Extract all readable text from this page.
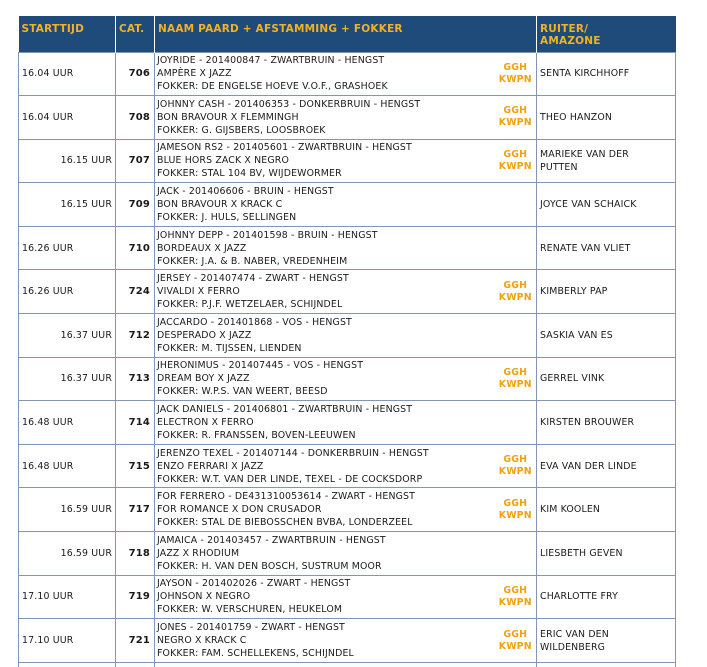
STARTTIJD	CAT.	NAAM PAARD + AFSTAMMING + FOKKER		RUITER/
AMAZONE

16.04 UUR	706	JOYRIDE - 201400847 - ZWARTBRUIN - HENGST
AMPÈRE X JAZZ
FOKKER: DE ENGELSE HOEVE V.O.F., GRASHOEK	GGH
KWPN	SENTA KIRCHHOFF

16.04 UUR	708	JOHNNY CASH - 201406353 - DONKERBRUIN - HENGST
BON BRAVOUR X FLEMMINGH
FOKKER: G. GIJSBERS, LOOSBROEK	GGH
KWPN	THEO HANZON

16.15 UUR	707	JAMESON RS2 - 201405601 - ZWARTBRUIN - HENGST
BLUE HORS ZACK X NEGRO
FOKKER: STAL 104 BV, WIJDEWORMER	GGH
KWPN	MARIEKE VAN DER
PUTTEN

16.15 UUR	709	JACK - 201406606 - BRUIN - HENGST
BON BRAVOUR X KRACK C
FOKKER: J. HULS, SELLINGEN		JOYCE VAN SCHAICK

16.26 UUR	710	JOHNNY DEPP - 201401598 - BRUIN - HENGST
BORDEAUX X JAZZ
FOKKER: J.A. & B. NABER, VREDENHEIM		RENATE VAN VLIET

16.26 UUR	724	JERSEY - 201407474 - ZWART - HENGST
VIVALDI X FERRO
FOKKER: P.J.F. WETZELAER, SCHIJNDEL	GGH
KWPN	KIMBERLY PAP

16.37 UUR	712	JACCARDO - 201401868 - VOS - HENGST
DESPERADO X JAZZ
FOKKER: M. TIJSSEN, LIENDEN		SASKIA VAN ES

16.37 UUR	713	JHERONIMUS - 201407445 - VOS - HENGST
DREAM BOY X JAZZ
FOKKER: W.P.S. VAN WEERT, BEESD	GGH
KWPN	GERREL VINK

16.48 UUR	714	JACK DANIELS - 201406801 - ZWARTBRUIN - HENGST
ELECTRON X FERRO
FOKKER: R. FRANSSEN, BOVEN-LEEUWEN		KIRSTEN BROUWER

16.48 UUR	715	JERENZO TEXEL - 201407144 - DONKERBRUIN - HENGST
ENZO FERRARI X JAZZ
FOKKER: W.T. VAN DER LINDE, TEXEL - DE COCKSDORP	GGH
KWPN	EVA VAN DER LINDE

16.59 UUR	717	FOR FERRERO - DE431310053614 - ZWART - HENGST
FOR ROMANCE X DON CRUSADOR
FOKKER: STAL DE BIEBOSSCHEN BVBA, LONDERZEEL	GGH
KWPN	KIM KOOLEN

16.59 UUR	718	JAMAICA - 201403457 - ZWARTBRUIN - HENGST
JAZZ X RHODIUM
FOKKER: H. VAN DEN BOSCH, SUSTRUM MOOR		LIESBETH GEVEN

17.10 UUR	719	JAYSON - 201402026 - ZWART - HENGST
JOHNSON X NEGRO
FOKKER: W. VERSCHUREN, HEUKELOM	GGH
KWPN	CHARLOTTE FRY

17.10 UUR	721	JONES - 201401759 - ZWART - HENGST
NEGRO X KRACK C
FOKKER: FAM. SCHELLEKENS, SCHIJNDEL	GGH
KWPN	ERIC VAN DEN
WILDENBERG
